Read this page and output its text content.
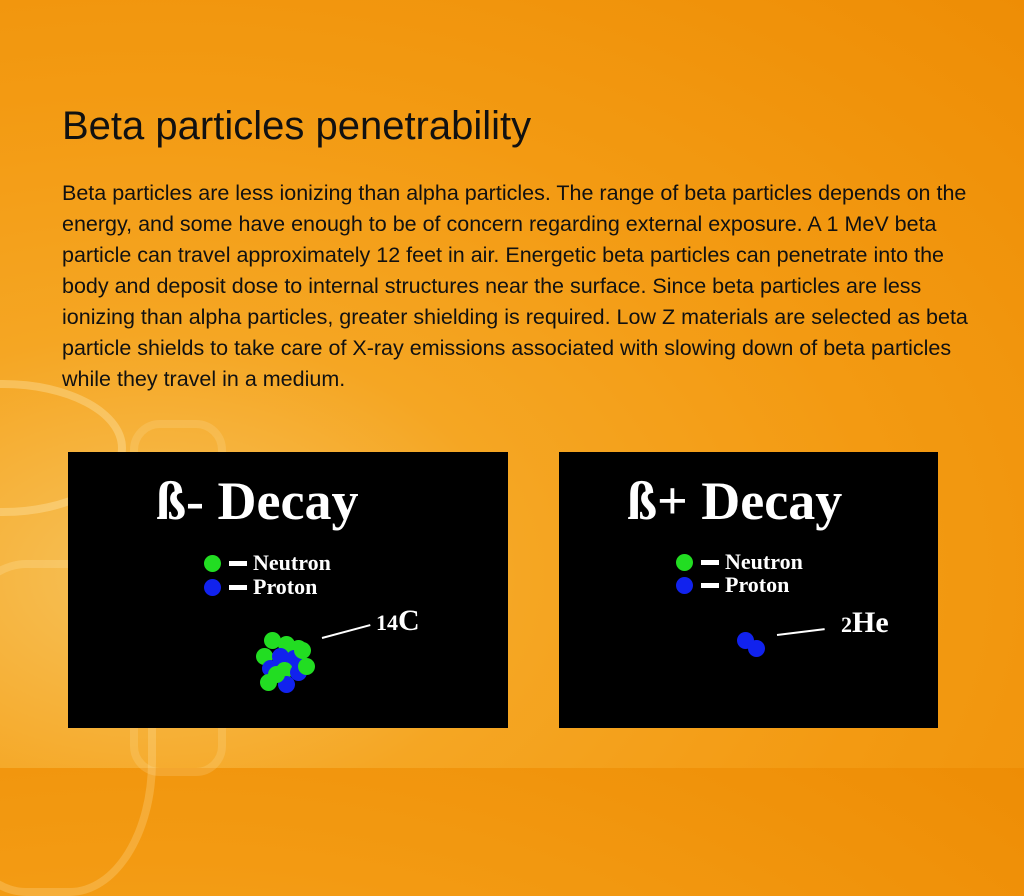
Beta particles penetrability

Beta particles are less ionizing than alpha particles. The range of beta particles depends on the energy, and some have enough to be of concern regarding external exposure. A 1 MeV beta particle can travel approximately 12 feet in air. Energetic beta particles can penetrate into the body and deposit dose to internal structures near the surface. Since beta particles are less ionizing than alpha particles, greater shielding is required. Low Z materials are selected as beta particle shields to take care of X-ray emissions associated with slowing down of beta particles while they travel in a medium.

ß- Decay
Neutron
Proton
14C
ß+ Decay
Neutron
Proton
2He
